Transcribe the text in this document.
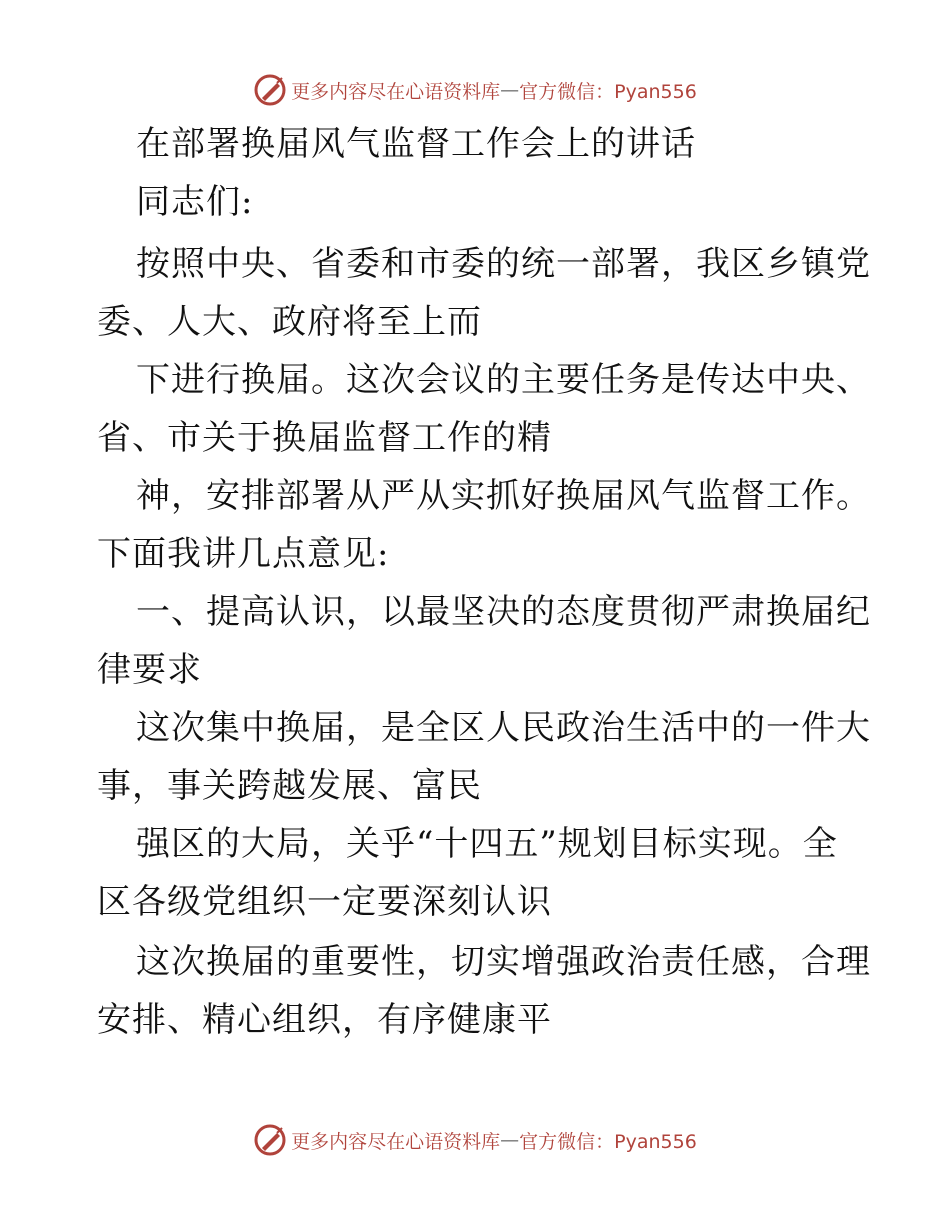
更多内容尽在心语资料库 — 官方微信：Pyan556
在部署换届风气监督工作会上的讲话
同志们:
按照中央、省委和市委的统一部署，我区乡镇党
委、人大、政府将至上而
下进行换届。这次会议的主要任务是传达中央、
省、市关于换届监督工作的精
神，安排部署从严从实抓好换届风气监督工作。
下面我讲几点意见:
一、提高认识，以最坚决的态度贯彻严肃换届纪
律要求
这次集中换届，是全区人民政治生活中的一件大
事，事关跨越发展、富民
强区的大局，关乎“十四五”规划目标实现。全
区各级党组织一定要深刻认识
这次换届的重要性，切实增强政治责任感，合理
安排、精心组织，有序健康平
更多内容尽在心语资料库 — 官方微信：Pyan556
